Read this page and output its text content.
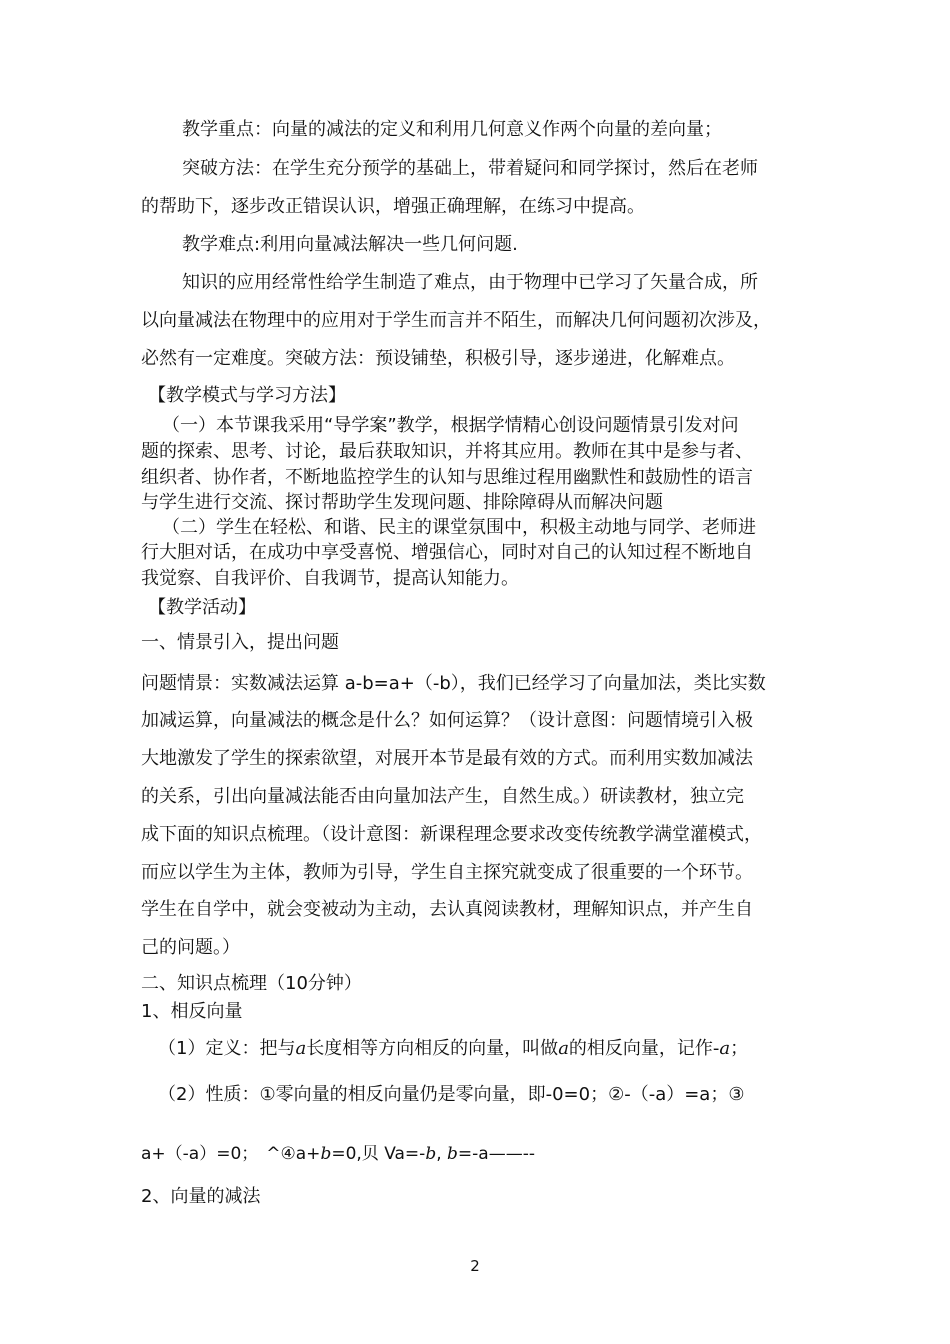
教学重点：向量的减法的定义和利用几何意义作两个向量的差向量；
突破方法：在学生充分预学的基础上，带着疑问和同学探讨，然后在老师
的帮助下，逐步改正错误认识，增强正确理解，在练习中提高。
教学难点:利用向量减法解决一些几何问题.
知识的应用经常性给学生制造了难点，由于物理中已学习了矢量合成，所
以向量减法在物理中的应用对于学生而言并不陌生，而解决几何问题初次涉及，
必然有一定难度。突破方法：预设铺垫，积极引导，逐步递进，化解难点。
【教学模式与学习方法】
（一）本节课我采用“导学案”教学，根据学情精心创设问题情景引发对问
题的探索、思考、讨论，最后获取知识，并将其应用。教师在其中是参与者、
组织者、协作者，不断地监控学生的认知与思维过程用幽默性和鼓励性的语言
与学生进行交流、探讨帮助学生发现问题、排除障碍从而解决问题
（二）学生在轻松、和谐、民主的课堂氛围中，积极主动地与同学、老师进
行大胆对话，在成功中享受喜悦、增强信心，同时对自己的认知过程不断地自
我觉察、自我评价、自我调节，提高认知能力。
【教学活动】
一、情景引入，提出问题
问题情景：实数减法运算 a-b=a+（-b），我们已经学习了向量加法，类比实数
加减运算，向量减法的概念是什么？如何运算？（设计意图：问题情境引入极
大地激发了学生的探索欲望，对展开本节是最有效的方式。而利用实数加减法
的关系，引出向量减法能否由向量加法产生，自然生成。）研读教材，独立完
成下面的知识点梳理。（设计意图：新课程理念要求改变传统教学满堂灌模式，
而应以学生为主体，教师为引导，学生自主探究就变成了很重要的一个环节。
学生在自学中，就会变被动为主动，去认真阅读教材，理解知识点，并产生自
己的问题。）
二、知识点梳理（10分钟）
1、相反向量
（1）定义：把与a长度相等方向相反的向量，叫做a的相反向量，记作-a；
（2）性质：①零向量的相反向量仍是零向量，即-0=0；②-（-a）=a；③
a+（-a）=0； ^④a+b=0,贝 Va=-b, b=-a——--
2、向量的减法
2
